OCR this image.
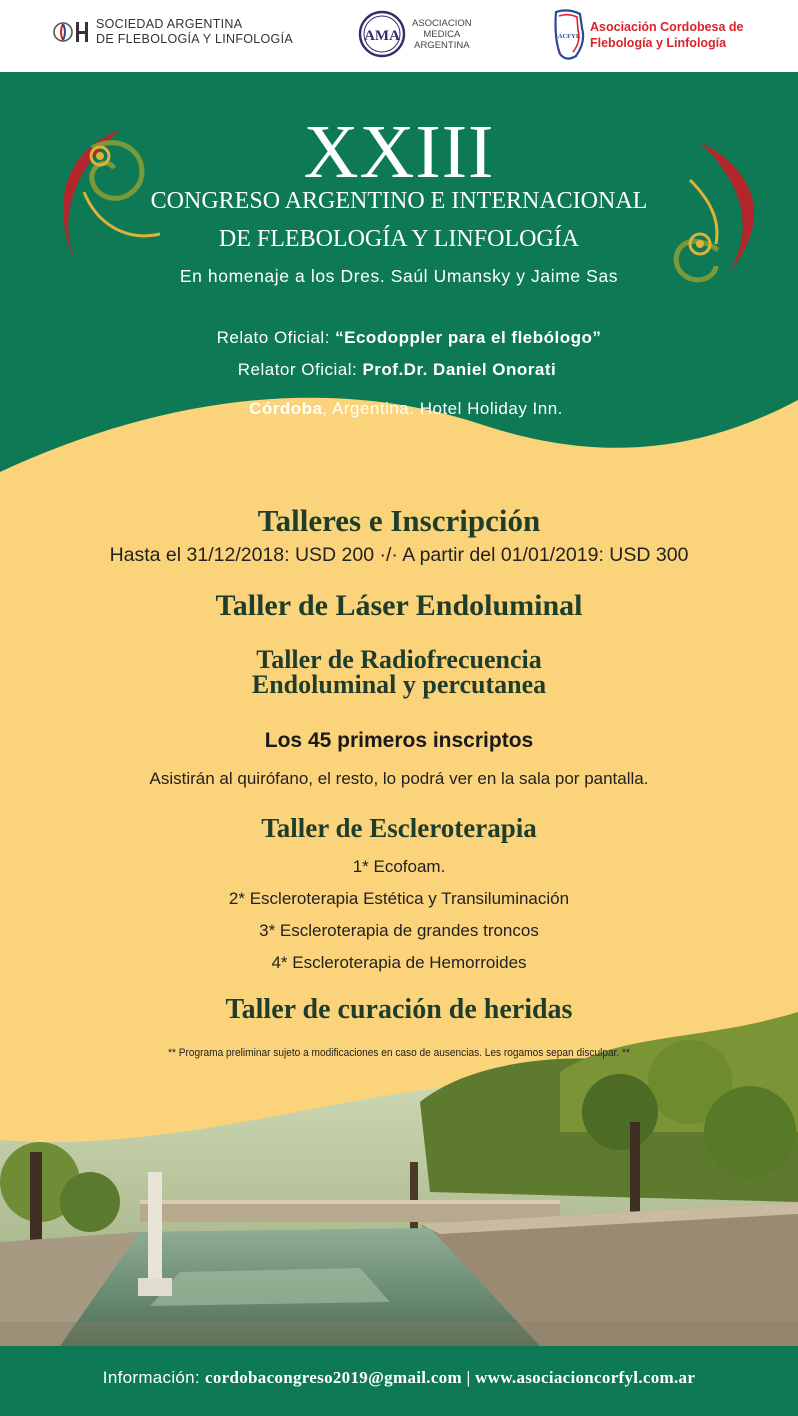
SOCIEDAD ARGENTINA
DE FLEBOLOGÍA Y LINFOLOGÍA	AMA
ASOCIACION
MEDICA
ARGENTINA
ACFYL
Asociación Cordobesa de
Flebología y Linfología
XXIII
CONGRESO ARGENTINO E INTERNACIONAL
DE FLEBOLOGÍA Y LINFOLOGÍA
En homenaje a los Dres. Saúl Umansky y Jaime Sas
Relato Oficial: “Ecodoppler para el flebólogo”
Relator Oficial: Prof.Dr. Daniel Onorati
Córdoba, Argentina. Hotel Holiday Inn.
Talleres e Inscripción
Hasta el 31/12/2018: USD 200 ·/· A partir del 01/01/2019: USD 300
Taller de Láser Endoluminal
Taller de Radiofrecuencia
Endoluminal y percutanea
Los 45 primeros inscriptos
Asistirán al quirófano, el resto, lo podrá ver en la sala por pantalla.
Taller de Escleroterapia
1* Ecofoam.
2* Escleroterapia Estética y Transiluminación
3* Escleroterapia de grandes troncos
4* Escleroterapia de Hemorroides
Taller de curación de heridas
** Programa preliminar sujeto a modificaciones en caso de ausencias. Les rogamos sepan disculpar. **
Información: cordobacongreso2019@gmail.com | www.asociacioncorfyl.com.ar
